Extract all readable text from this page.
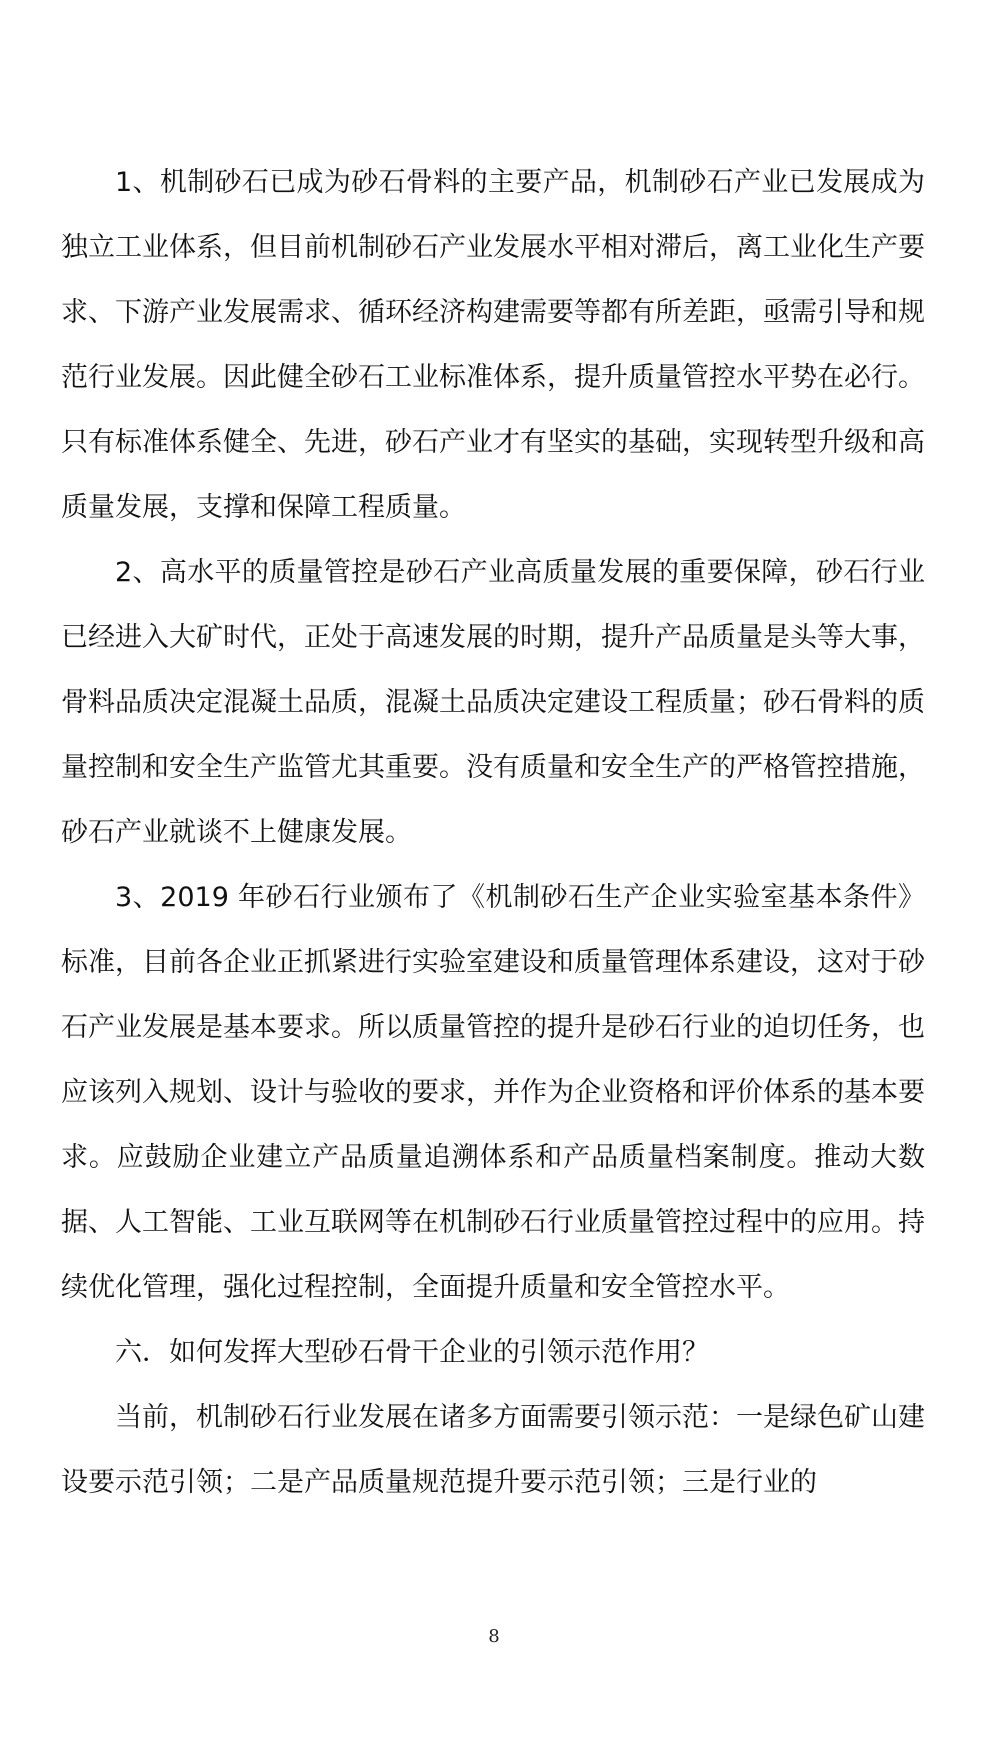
1、机制砂石已成为砂石骨料的主要产品，机制砂石产业已发展成为独立工业体系，但目前机制砂石产业发展水平相对滞后，离工业化生产要求、下游产业发展需求、循环经济构建需要等都有所差距，亟需引导和规范行业发展。因此健全砂石工业标准体系，提升质量管控水平势在必行。只有标准体系健全、先进，砂石产业才有坚实的基础，实现转型升级和高质量发展，支撑和保障工程质量。

2、高水平的质量管控是砂石产业高质量发展的重要保障，砂石行业已经进入大矿时代，正处于高速发展的时期，提升产品质量是头等大事，骨料品质决定混凝土品质，混凝土品质决定建设工程质量；砂石骨料的质量控制和安全生产监管尤其重要。没有质量和安全生产的严格管控措施，砂石产业就谈不上健康发展。

3、2019 年砂石行业颁布了《机制砂石生产企业实验室基本条件》标准，目前各企业正抓紧进行实验室建设和质量管理体系建设，这对于砂石产业发展是基本要求。所以质量管控的提升是砂石行业的迫切任务，也应该列入规划、设计与验收的要求，并作为企业资格和评价体系的基本要求。应鼓励企业建立产品质量追溯体系和产品质量档案制度。推动大数据、人工智能、工业互联网等在机制砂石行业质量管控过程中的应用。持续优化管理，强化过程控制，全面提升质量和安全管控水平。

六．如何发挥大型砂石骨干企业的引领示范作用？

当前，机制砂石行业发展在诸多方面需要引领示范：一是绿色矿山建设要示范引领；二是产品质量规范提升要示范引领；三是行业的

8
